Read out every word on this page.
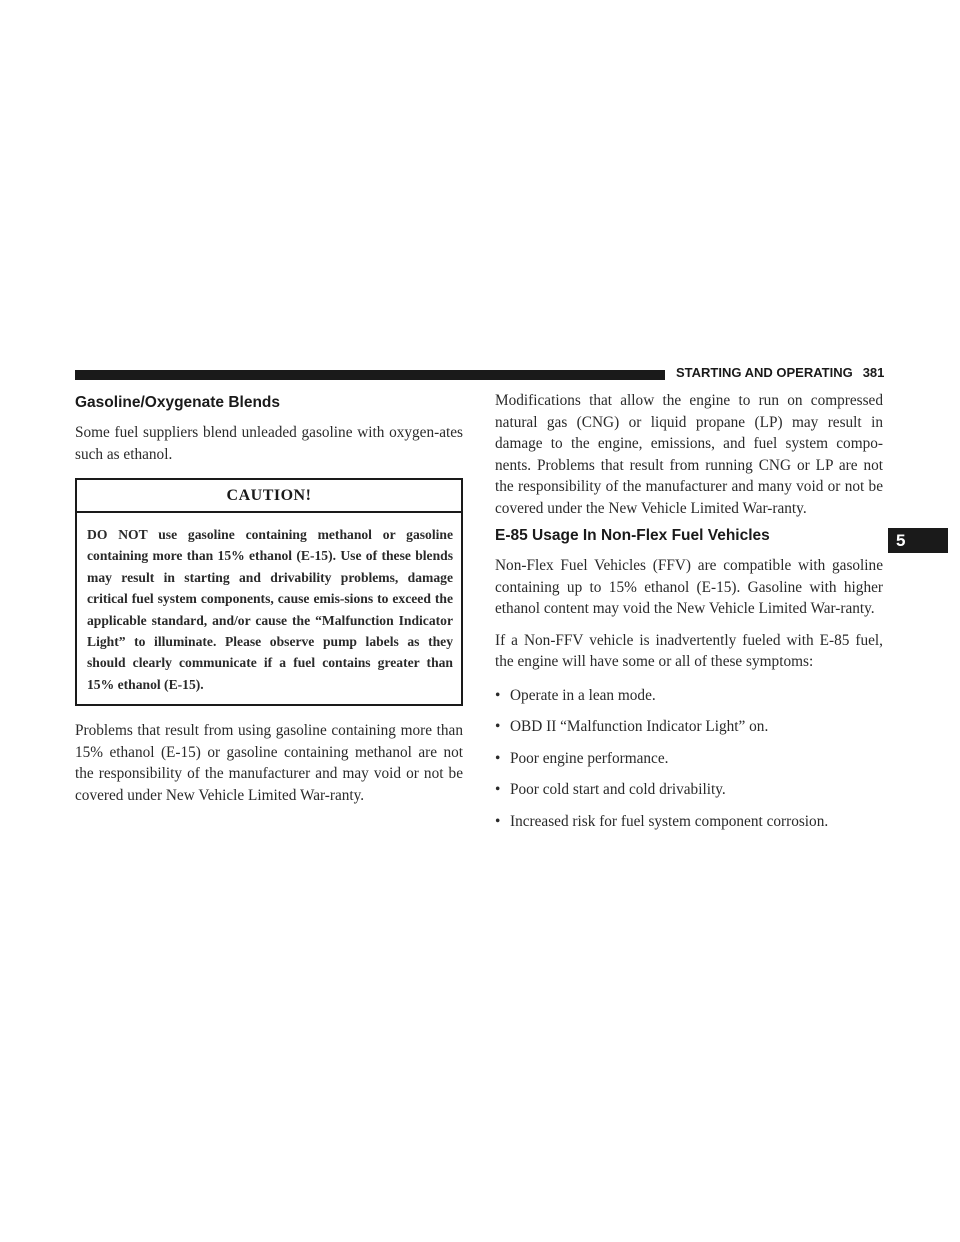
STARTING AND OPERATING 381
5
Gasoline/Oxygenate Blends

Some fuel suppliers blend unleaded gasoline with oxygen-ates such as ethanol.

CAUTION!
DO NOT use gasoline containing methanol or gasoline containing more than 15% ethanol (E-15). Use of these blends may result in starting and drivability problems, damage critical fuel system components, cause emis-sions to exceed the applicable standard, and/or cause the “Malfunction Indicator Light” to illuminate. Please observe pump labels as they should clearly communicate if a fuel contains greater than 15% ethanol (E-15).

Problems that result from using gasoline containing more than 15% ethanol (E-15) or gasoline containing methanol are not the responsibility of the manufacturer and may void or not be covered under New Vehicle Limited War-ranty.

Modifications that allow the engine to run on compressed natural gas (CNG) or liquid propane (LP) may result in damage to the engine, emissions, and fuel system compo-nents. Problems that result from running CNG or LP are not the responsibility of the manufacturer and many void or not be covered under the New Vehicle Limited War-ranty.

E-85 Usage In Non-Flex Fuel Vehicles

Non-Flex Fuel Vehicles (FFV) are compatible with gasoline containing up to 15% ethanol (E-15). Gasoline with higher ethanol content may void the New Vehicle Limited War-ranty.

If a Non-FFV vehicle is inadvertently fueled with E-85 fuel, the engine will have some or all of these symptoms:

• Operate in a lean mode.
• OBD II “Malfunction Indicator Light” on.
• Poor engine performance.
• Poor cold start and cold drivability.
• Increased risk for fuel system component corrosion.
